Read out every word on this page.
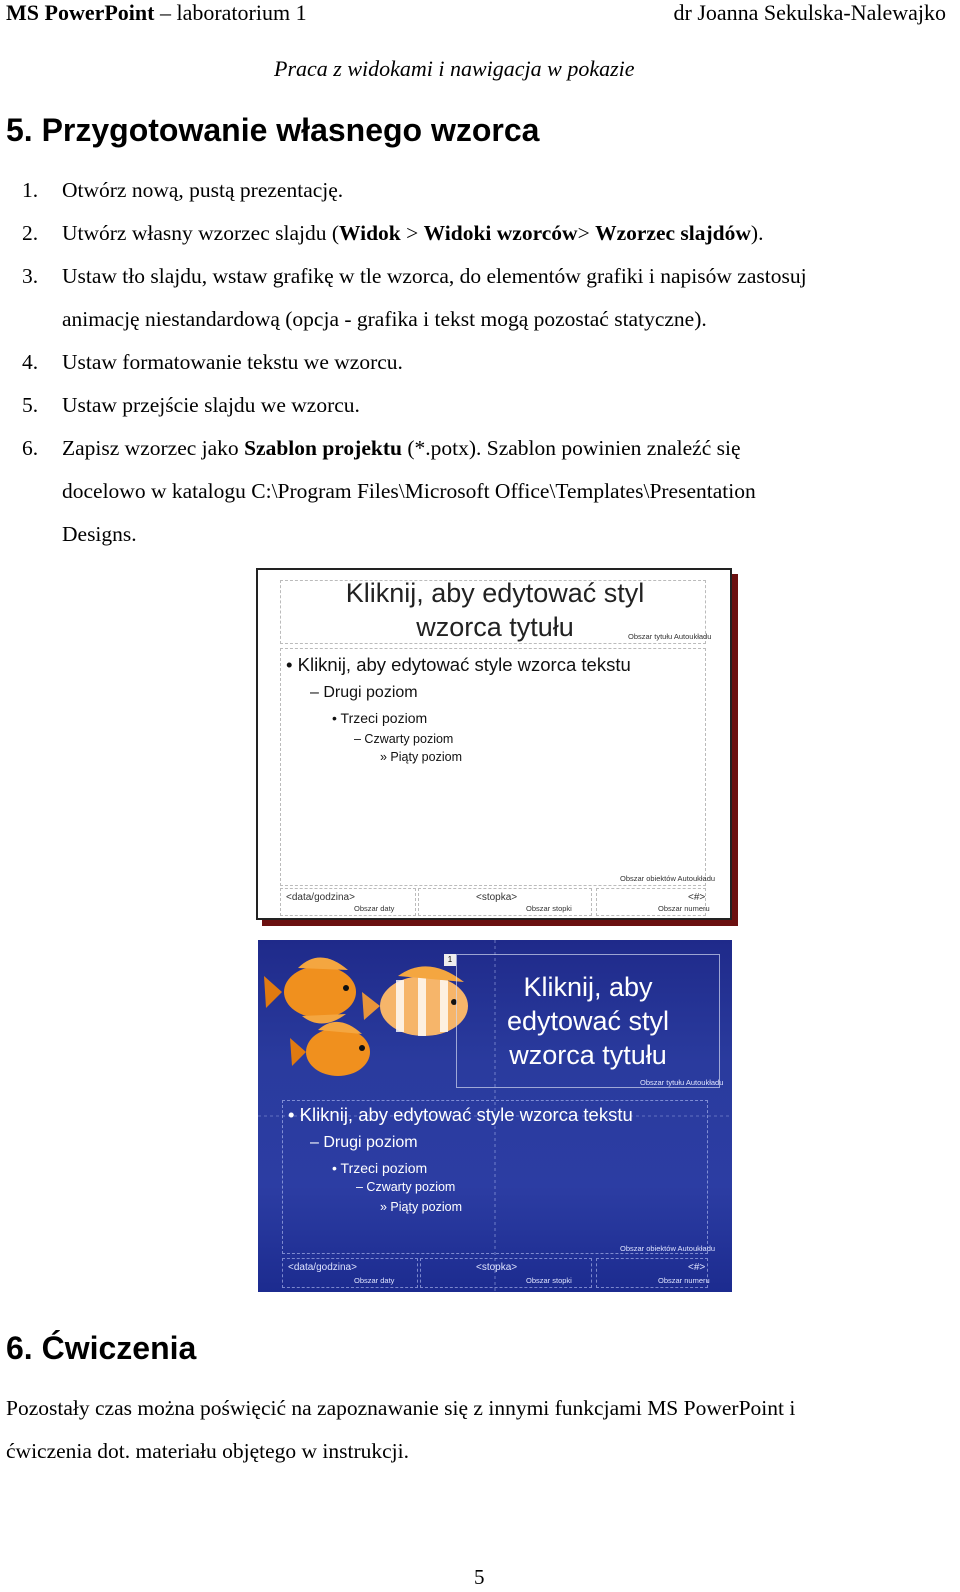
MS PowerPoint – laboratorium 1	dr Joanna Sekulska-Nalewajko
Praca z widokami i nawigacja w pokazie
5. Przygotowanie własnego wzorca
1. Otwórz nową, pustą prezentację.
2. Utwórz własny wzorzec slajdu (Widok > Widoki wzorców> Wzorzec slajdów).
3. Ustaw tło slajdu, wstaw grafikę w tle wzorca, do elementów grafiki i napisów zastosuj
animację niestandardową (opcja - grafika i tekst mogą pozostać statyczne).
4. Ustaw formatowanie tekstu we wzorcu.
5. Ustaw przejście slajdu we wzorcu.
6. Zapisz wzorzec jako Szablon projektu (*.potx). Szablon powinien znaleźć się
docelowo w katalogu C:\Program Files\Microsoft Office\Templates\Presentation
Designs.
Kliknij, aby edytować styl
wzorca tytułu	Obszar tytułu Autoukładu
• Kliknij, aby edytować style wzorca tekstu
– Drugi poziom
• Trzeci poziom
– Czwarty poziom
» Piąty poziom
Obszar obiektów Autoukładu
<data/godzina>
Obszar daty
<stopka>
Obszar stopki
<#>
Obszar numeru
1
Kliknij, aby
edytować styl
wzorca tytułu
Obszar tytułu Autoukładu
• Kliknij, aby edytować style wzorca tekstu
– Drugi poziom
• Trzeci poziom
– Czwarty poziom
» Piąty poziom
Obszar obiektów Autoukładu
<data/godzina>
Obszar daty
<stopka>
Obszar stopki
<#>
Obszar numeru
6. Ćwiczenia
Pozostały czas można poświęcić na zapoznawanie się z innymi funkcjami MS PowerPoint i
ćwiczenia dot. materiału objętego w instrukcji.
5
